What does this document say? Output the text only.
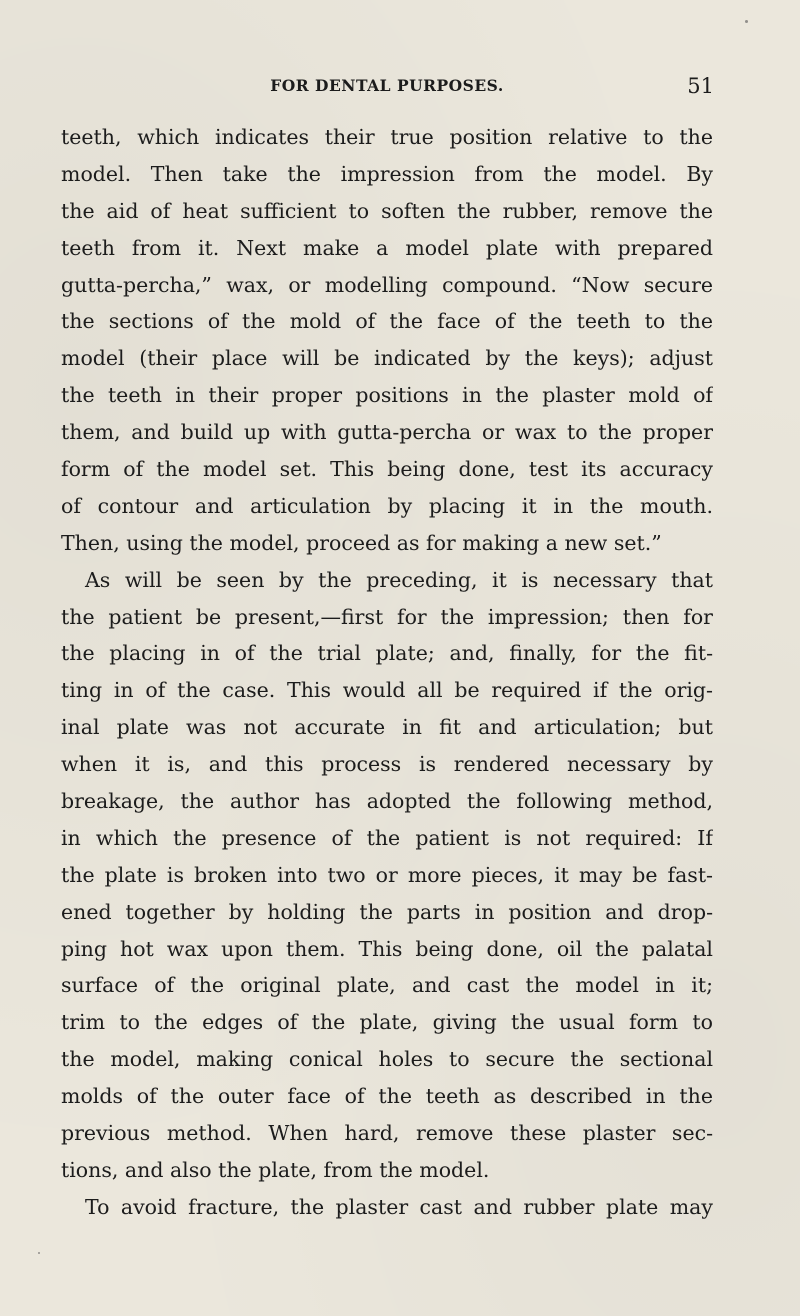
FOR DENTAL PURPOSES.	51
teeth, which indicates their true position relative to the
model. Then take the impression from the model. By
the aid of heat sufficient to soften the rubber, remove the
teeth from it. Next make a model plate with prepared
gutta-percha,” wax, or modelling compound. “Now secure
the sections of the mold of the face of the teeth to the
model (their place will be indicated by the keys); adjust
the teeth in their proper positions in the plaster mold of
them, and build up with gutta-percha or wax to the proper
form of the model set. This being done, test its accuracy
of contour and articulation by placing it in the mouth.
Then, using the model, proceed as for making a new set.”
As will be seen by the preceding, it is necessary that
the patient be present,—first for the impression; then for
the placing in of the trial plate; and, finally, for the fit-
ting in of the case. This would all be required if the orig-
inal plate was not accurate in fit and articulation; but
when it is, and this process is rendered necessary by
breakage, the author has adopted the following method,
in which the presence of the patient is not required: If
the plate is broken into two or more pieces, it may be fast-
ened together by holding the parts in position and drop-
ping hot wax upon them. This being done, oil the palatal
surface of the original plate, and cast the model in it;
trim to the edges of the plate, giving the usual form to
the model, making conical holes to secure the sectional
molds of the outer face of the teeth as described in the
previous method. When hard, remove these plaster sec-
tions, and also the plate, from the model.
To avoid fracture, the plaster cast and rubber plate may
